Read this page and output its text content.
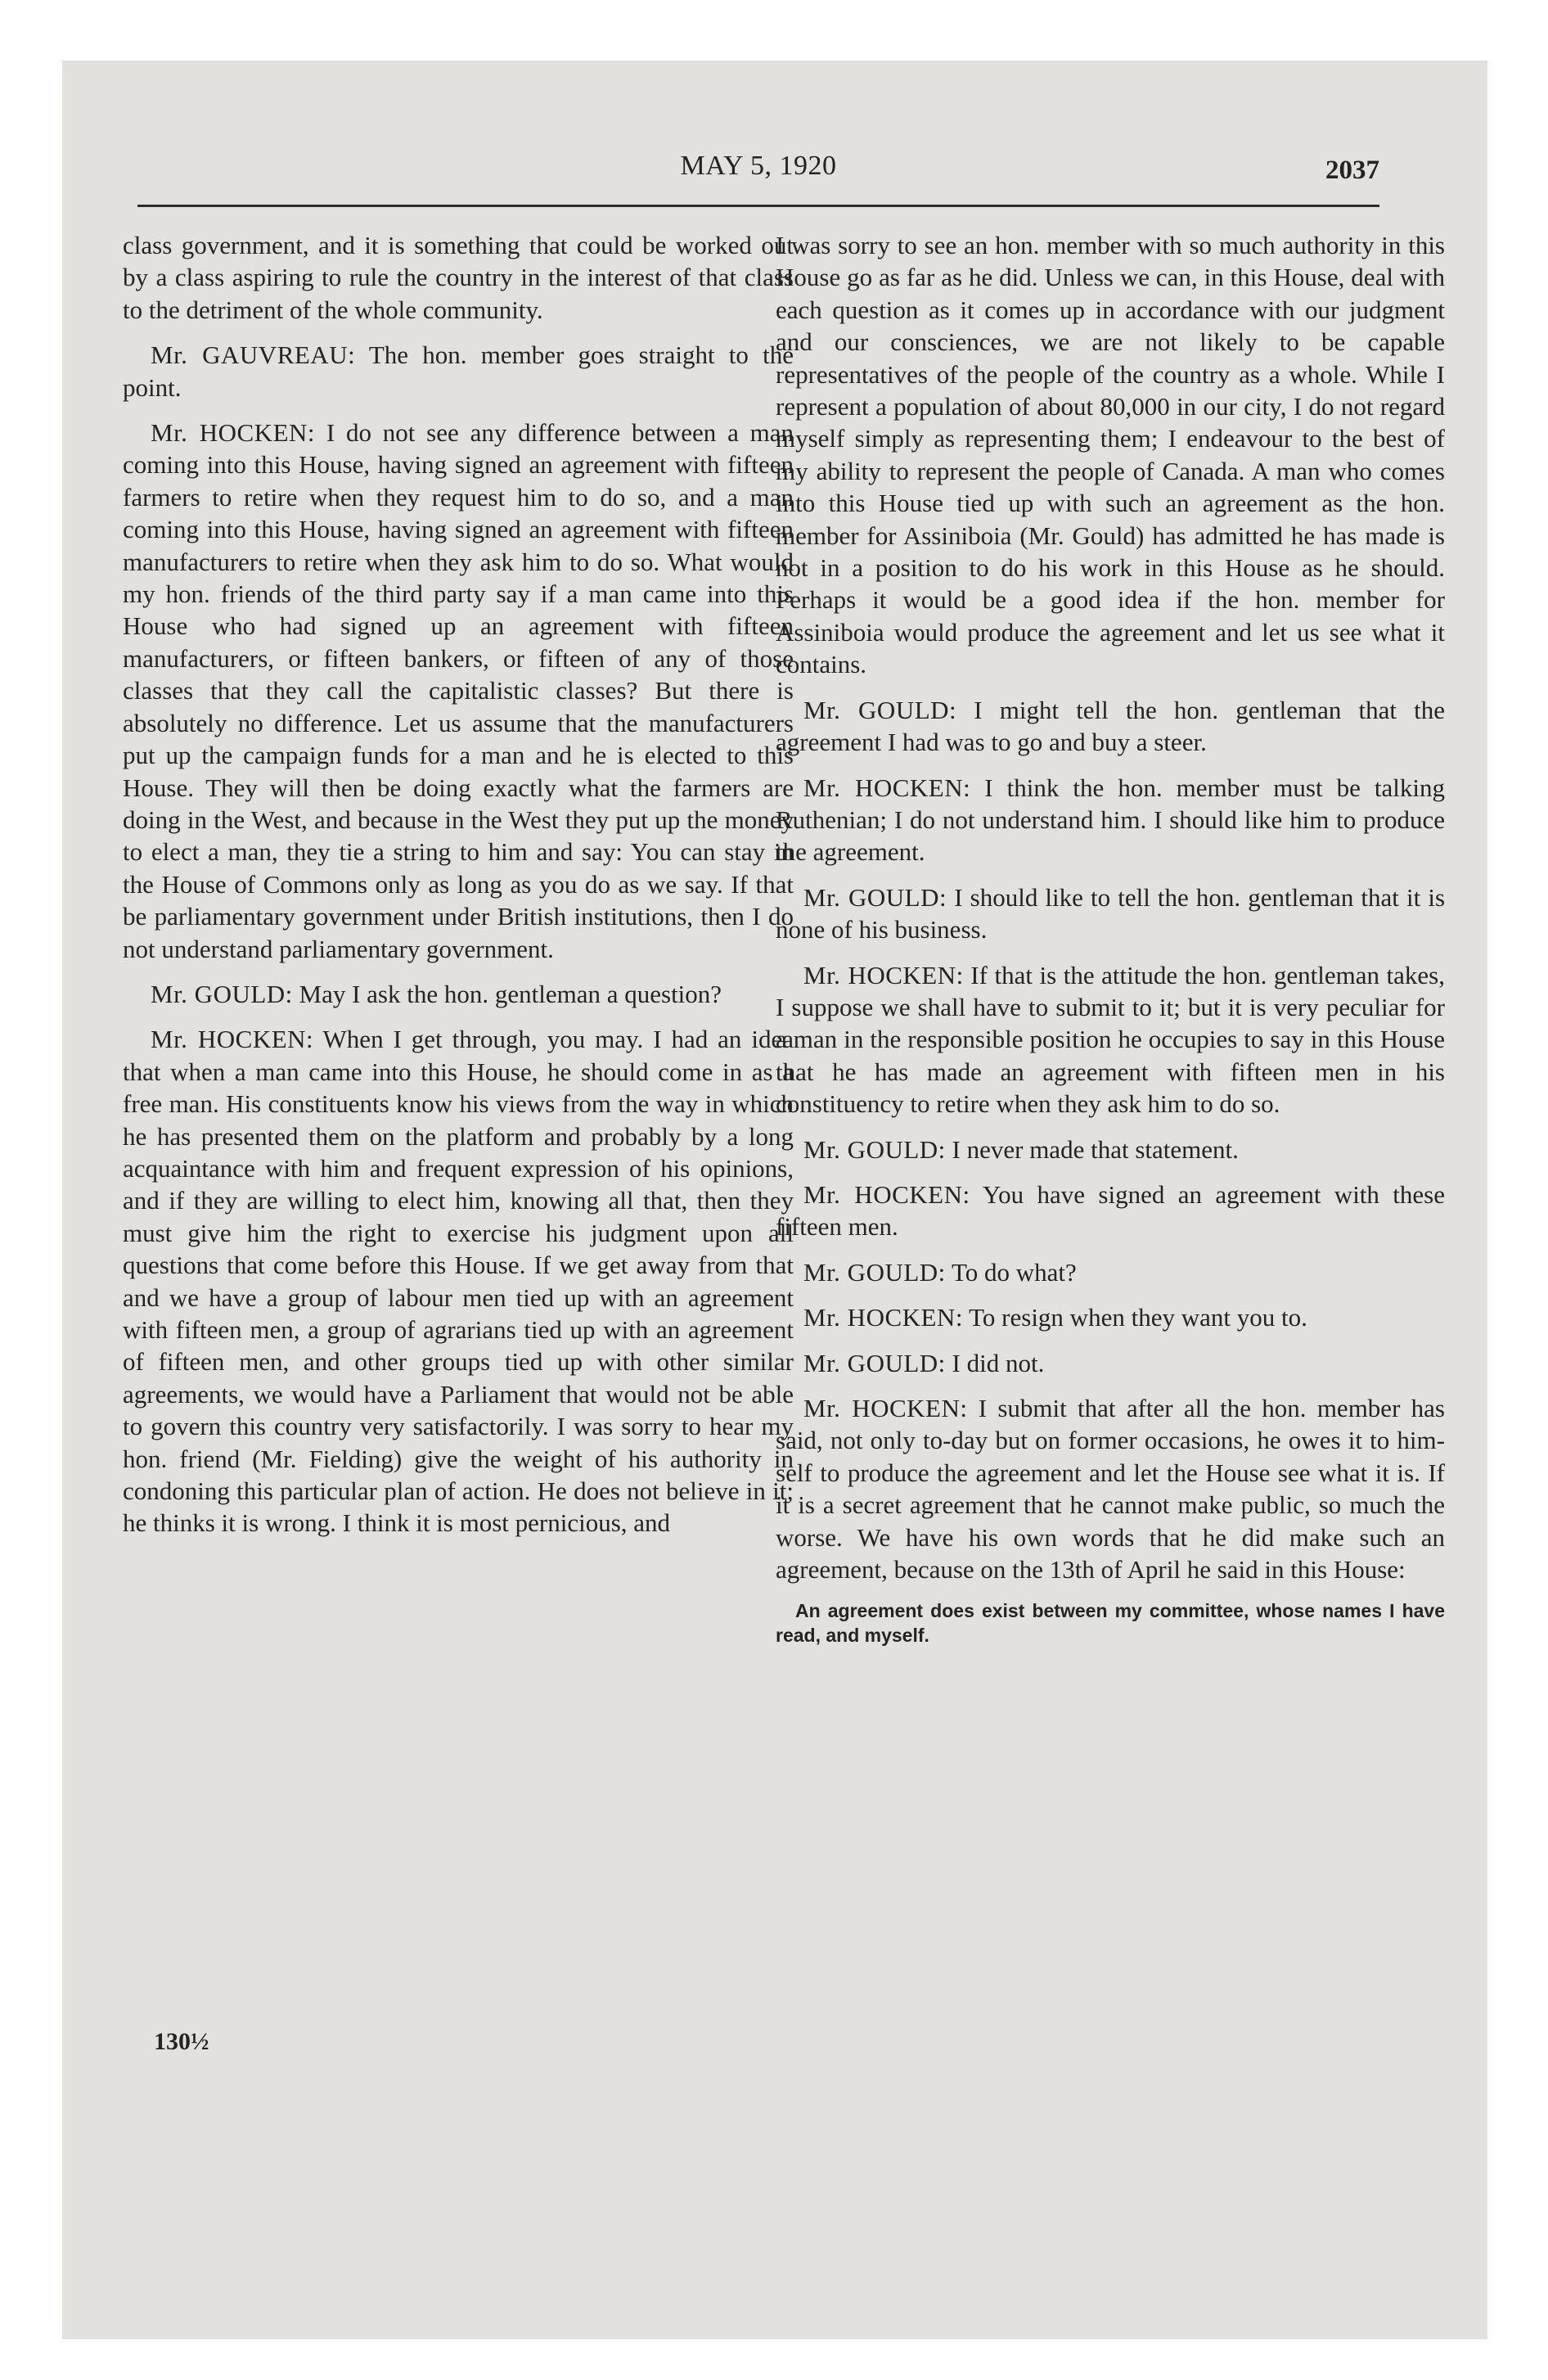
MAY 5, 1920	2037

class government, and it is something that could be worked out by a class aspiring to rule the country in the interest of that class to the detriment of the whole community.

Mr. GAUVREAU: The hon. member goes straight to the point.

Mr. HOCKEN: I do not see any difference between a man coming into this House, having signed an agreement with fifteen farmers to retire when they request him to do so, and a man coming into this House, having signed an agreement with fifteen manufacturers to retire when they ask him to do so. What would my hon. friends of the third party say if a man came into this House who had signed up an agreement with fifteen manufacturers, or fifteen bankers, or fifteen of any of those classes that they call the capitalistic classes? But there is absolutely no difference. Let us assume that the manufacturers put up the campaign funds for a man and he is elected to this House. They will then be doing exactly what the farmers are doing in the West, and because in the West they put up the money to elect a man, they tie a string to him and say: You can stay in the House of Commons only as long as you do as we say. If that be parliamentary government under British institutions, then I do not understand parliamentary government.

Mr. GOULD: May I ask the hon. gentleman a question?

Mr. HOCKEN: When I get through, you may. I had an idea that when a man came into this House, he should come in as a free man. His constituents know his views from the way in which he has presented them on the platform and probably by a long acquaintance with him and frequent expression of his opinions, and if they are willing to elect him, knowing all that, then they must give him the right to exercise his judgment upon all questions that come before this House. If we get away from that and we have a group of labour men tied up with an agreement with fifteen men, a group of agrarians tied up with an agreement of fifteen men, and other groups tied up with other similar agreements, we would have a Parliament that would not be able to govern this country very satisfactorily. I was sorry to hear my hon. friend (Mr. Fielding) give the weight of his authority in condoning this particular plan of action. He does not believe in it; he thinks it is wrong. I think it is most pernicious, and

I was sorry to see an hon. member with so much authority in this House go as far as he did. Unless we can, in this House, deal with each question as it comes up in accordance with our judgment and our consciences, we are not likely to be capable representatives of the people of the country as a whole. While I represent a population of about 80,000 in our city, I do not regard myself simply as representing them; I endeavour to the best of my ability to represent the people of Canada. A man who comes into this House tied up with such an agreement as the hon. member for Assiniboia (Mr. Gould) has admitted he has made is not in a position to do his work in this House as he should. Perhaps it would be a good idea if the hon. member for Assiniboia would produce the agreement and let us see what it contains.

Mr. GOULD: I might tell the hon. gentleman that the agreement I had was to go and buy a steer.

Mr. HOCKEN: I think the hon. member must be talking Ruthenian; I do not understand him. I should like him to produce the agreement.

Mr. GOULD: I should like to tell the hon. gentleman that it is none of his business.

Mr. HOCKEN: If that is the attitude the hon. gentleman takes, I suppose we shall have to submit to it; but it is very peculiar for a man in the responsible position he occupies to say in this House that he has made an agreement with fifteen men in his constituency to retire when they ask him to do so.

Mr. GOULD: I never made that statement.

Mr. HOCKEN: You have signed an agreement with these fifteen men.

Mr. GOULD: To do what?

Mr. HOCKEN: To resign when they want you to.

Mr. GOULD: I did not.

Mr. HOCKEN: I submit that after all the hon. member has said, not only to-day but on former occasions, he owes it to himself to produce the agreement and let the House see what it is. If it is a secret agreement that he cannot make public, so much the worse. We have his own words that he did make such an agreement, because on the 13th of April he said in this House:

An agreement does exist between my committee, whose names I have read, and myself.

130½
